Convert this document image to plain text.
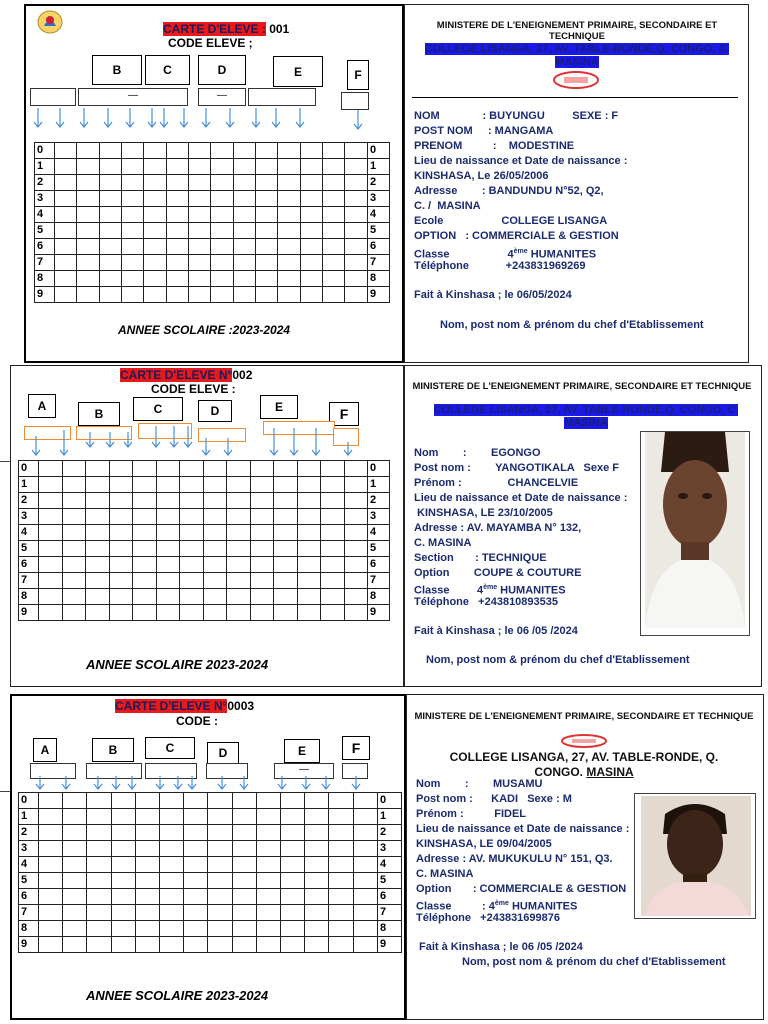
CARTE D'ELEVE : 001
CODE ELEVE ;
B	C	D	E	F
—	—
0															0
1															1
2															2
3															3
4															4
5															5
6															6
7															7
8															8
9															9
ANNEE SCOLAIRE :2023-2024
MINISTERE DE L'ENEIGNEMENT PRIMAIRE, SECONDAIRE ET TECHNIQUE
COLLEGE LISANGA, 27, AV. TABLE-RONDE,Q. CONGO, C. MASINA
NOM              : BUYUNGU         SEXE : F
POST NOM     : MANGAMA
PRENOM          :    MODESTINE
Lieu de naissance et Date de naissance :
KINSHASA, Le 26/05/2006
Adresse        : BANDUNDU N°52, Q2,
C. /  MASINA
Ecole                   COLLEGE LISANGA
OPTION   : COMMERCIALE & GESTION
Classe                   4ème HUMANITES
Téléphone            +243831969269
Fait à Kinshasa ; le 06/05/2024
Nom, post nom & prénom du chef d'Etablissement
CARTE D'ELEVE N°002
CODE ELEVE :
A
B	C	D	E	F
0															0
1															1
2															2
3															3
4															4
5															5
6															6
7															7
8															8
9															9
ANNEE SCOLAIRE 2023-2024
MINISTERE DE L'ENEIGNEMENT PRIMAIRE, SECONDAIRE ET TECHNIQUE
COLLEGE LISANGA, 27, AV. TABLE-RONDE,Q. CONGO, C. MASINA
Nom        :        EGONGO
Post nom :        YANGOTIKALA   Sexe F
Prénom :               CHANCELVIE
Lieu de naissance et Date de naissance :
KINSHASA, LE 23/10/2005
Adresse : AV. MAYAMBA N° 132,
C. MASINA
Section       : TECHNIQUE
Option        COUPE & COUTURE
Classe         4ème HUMANITES
Téléphone   +243810893535
Fait à Kinshasa ; le 06 /05 /2024
Nom, post nom & prénom du chef d'Etablissement
CARTE D'ELEVE N°0003
CODE :
A	B	C	D	E	F
—
0															0
1															1
2															2
3															3
4															4
5															5
6															6
7															7
8															8
9															9
ANNEE SCOLAIRE 2023-2024
MINISTERE DE L'ENEIGNEMENT PRIMAIRE, SECONDAIRE ET TECHNIQUE
COLLEGE LISANGA, 27, AV. TABLE-RONDE, Q.
CONGO. MASINA
Nom        :        MUSAMU
Post nom :      KADI   Sexe : M
Prénom :          FIDEL
Lieu de naissance et Date de naissance :
KINSHASA, LE 09/04/2005
Adresse : AV. MUKUKULU N° 151, Q3.
C. MASINA
Option       : COMMERCIALE & GESTION
Classe          : 4ème HUMANITES
Téléphone   +243831699876
Fait à Kinshasa ; le 06 /05 /2024
Nom, post nom & prénom du chef d'Etablissement
